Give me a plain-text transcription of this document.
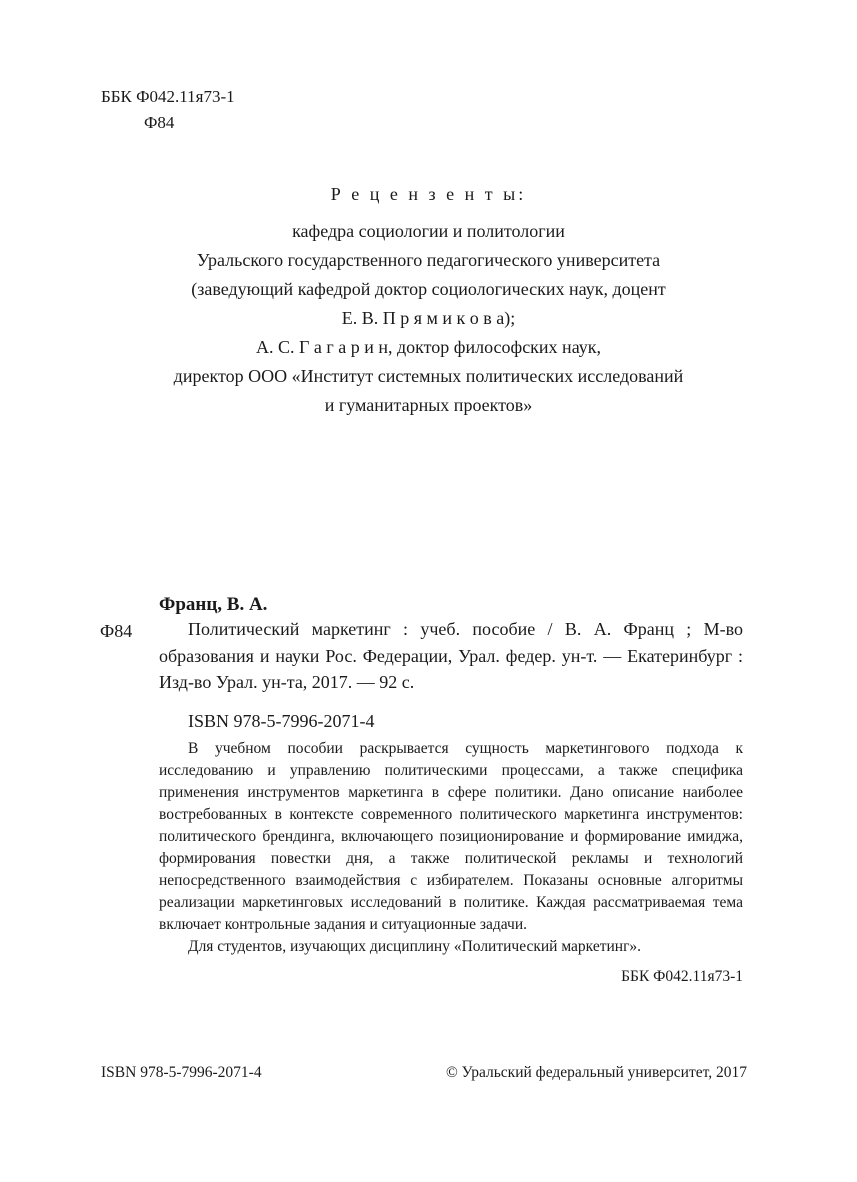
ББК Ф042.11я73-1
Ф84
Р е ц е н з е н т ы:
кафедра социологии и политологии
Уральского государственного педагогического университета
(заведующий кафедрой доктор социологических наук, доцент
Е. В. П р я м и к о в а);
А. С. Г а г а р и н, доктор философских наук,
директор ООО «Институт системных политических исследований
и гуманитарных проектов»
Франц, В. А.
Ф84	Политический маркетинг : учеб. пособие / В. А. Франц ; М-во образования и науки Рос. Федерации, Урал. федер. ун-т. — Екатеринбург : Изд-во Урал. ун-та, 2017. — 92 с.

ISBN 978-5-7996-2071-4

В учебном пособии раскрывается сущность маркетингового подхода к исследованию и управлению политическими процессами, а также специфика применения инструментов маркетинга в сфере политики. Дано описание наиболее востребованных в контексте современного политического маркетинга инструментов: политического брендинга, включающего позиционирование и формирование имиджа, формирования повестки дня, а также политической рекламы и технологий непосредственного взаимодействия с избирателем. Показаны основные алгоритмы реализации маркетинговых исследований в политике. Каждая рассматриваемая тема включает контрольные задания и ситуационные задачи.

Для студентов, изучающих дисциплину «Политический маркетинг».

ББК Ф042.11я73-1

ISBN 978-5-7996-2071-4	© Уральский федеральный университет, 2017
